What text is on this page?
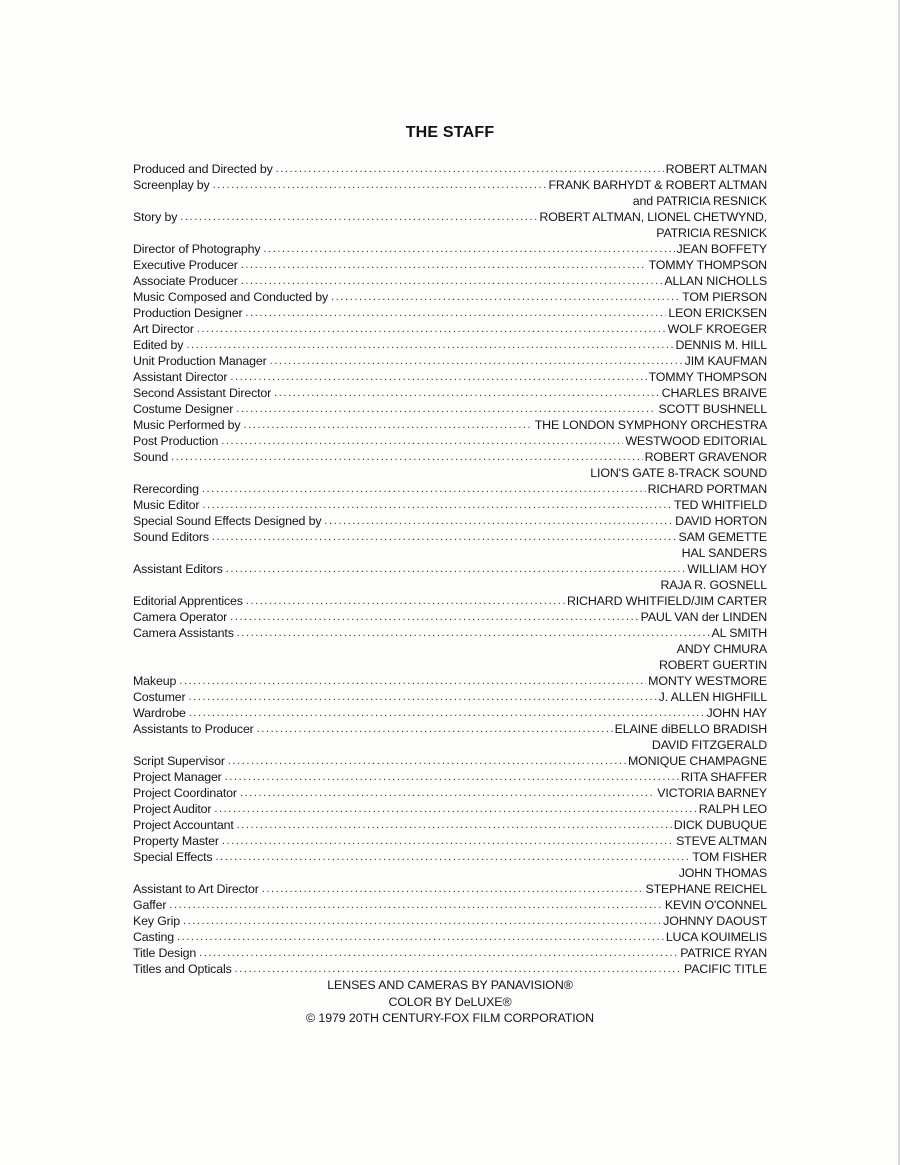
THE STAFF
Produced and Directed by .....	ROBERT ALTMAN
Screenplay by .....	FRANK BARHYDT & ROBERT ALTMAN
and PATRICIA RESNICK
Story by .....	ROBERT ALTMAN, LIONEL CHETWYND,
PATRICIA RESNICK
Director of Photography .....	JEAN BOFFETY
Executive Producer .....	TOMMY THOMPSON
Associate Producer .....	ALLAN NICHOLLS
Music Composed and Conducted by .....	TOM PIERSON
Production Designer .....	LEON ERICKSEN
Art Director .....	WOLF KROEGER
Edited by .....	DENNIS M. HILL
Unit Production Manager .....	JIM KAUFMAN
Assistant Director .....	TOMMY THOMPSON
Second Assistant Director .....	CHARLES BRAIVE
Costume Designer .....	SCOTT BUSHNELL
Music Performed by .....	THE LONDON SYMPHONY ORCHESTRA
Post Production .....	WESTWOOD EDITORIAL
Sound .....	ROBERT GRAVENOR
LION'S GATE 8-TRACK SOUND
Rerecording .....	RICHARD PORTMAN
Music Editor .....	TED WHITFIELD
Special Sound Effects Designed by .....	DAVID HORTON
Sound Editors .....	SAM GEMETTE
HAL SANDERS
Assistant Editors .....	WILLIAM HOY
RAJA R. GOSNELL
Editorial Apprentices .....	RICHARD WHITFIELD/JIM CARTER
Camera Operator .....	PAUL VAN der LINDEN
Camera Assistants .....	AL SMITH
ANDY CHMURA
ROBERT GUERTIN
Makeup .....	MONTY WESTMORE
Costumer .....	J. ALLEN HIGHFILL
Wardrobe .....	JOHN HAY
Assistants to Producer .....	ELAINE diBELLO BRADISH
DAVID FITZGERALD
Script Supervisor .....	MONIQUE CHAMPAGNE
Project Manager .....	RITA SHAFFER
Project Coordinator .....	VICTORIA BARNEY
Project Auditor .....	RALPH LEO
Project Accountant .....	DICK DUBUQUE
Property Master .....	STEVE ALTMAN
Special Effects .....	TOM FISHER
JOHN THOMAS
Assistant to Art Director .....	STEPHANE REICHEL
Gaffer .....	KEVIN O'CONNEL
Key Grip .....	JOHNNY DAOUST
Casting .....	LUCA KOUIMELIS
Title Design .....	PATRICE RYAN
Titles and Opticals .....	PACIFIC TITLE
LENSES AND CAMERAS BY PANAVISION®
COLOR BY DeLUXE®
© 1979 20TH CENTURY-FOX FILM CORPORATION
